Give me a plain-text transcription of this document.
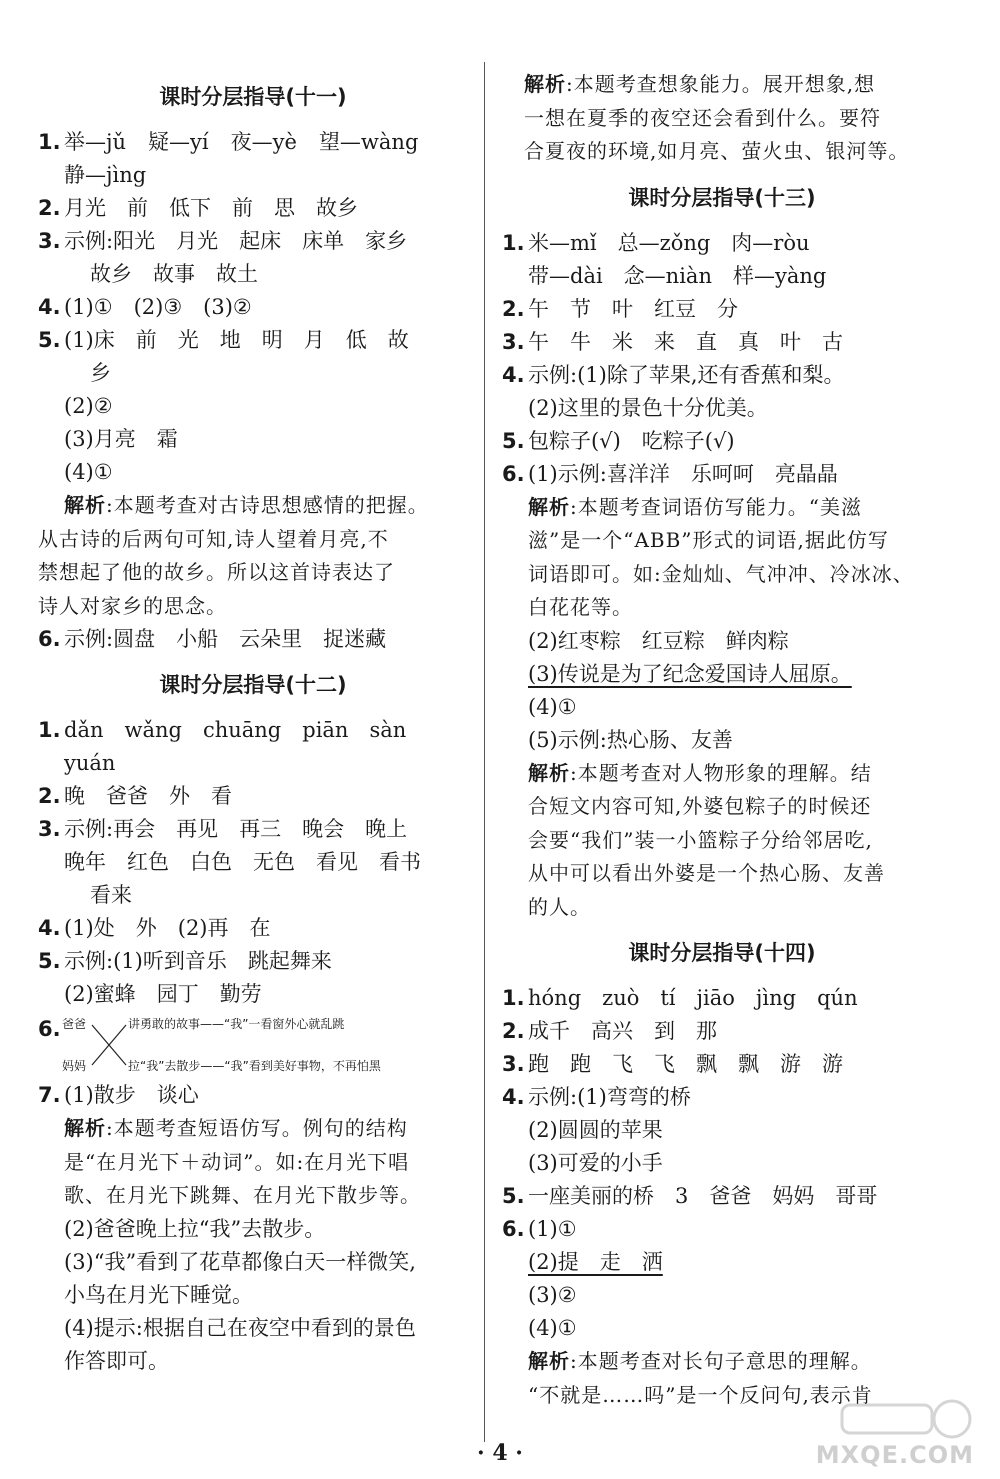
课时分层指导(十一)
1. 举—jǔ 疑—yí 夜—yè 望—wàng
静—jìng
2. 月光　前　低下　前　思　故乡
3. 示例:阳光　月光　起床　床单　家乡
故乡　故事　故土
4. (1)①　(2)③　(3)②
5. (1)床　前　光　地　明　月　低　故
乡
(2)②
(3)月亮　霜
(4)①
解析:本题考查对古诗思想感情的把握。
从古诗的后两句可知,诗人望着月亮,不
禁想起了他的故乡。所以这首诗表达了
诗人对家乡的思念。
6. 示例:圆盘　小船　云朵里　捉迷藏
课时分层指导(十二)
1. dǎn　wǎng　chuāng　piān　sàn
yuán
2. 晚　爸爸　外　看
3. 示例:再会　再见　再三　晚会　晚上
晚年　红色　白色　无色　看见　看书
看来
4. (1)处　外　(2)再　在
5. 示例:(1)听到音乐　跳起舞来
(2)蜜蜂　园丁　勤劳
6. 爸爸	讲勇敢的故事——“我”一看窗外心就乱跳
妈妈	拉“我”去散步——“我”看到美好事物，不再怕黑
7. (1)散步　谈心
解析:本题考查短语仿写。例句的结构
是“在月光下＋动词”。如:在月光下唱
歌、在月光下跳舞、在月光下散步等。
(2)爸爸晚上拉“我”去散步。
(3)“我”看到了花草都像白天一样微笑,
小鸟在月光下睡觉。
(4)提示:根据自己在夜空中看到的景色
作答即可。
解析:本题考查想象能力。展开想象,想
一想在夏季的夜空还会看到什么。要符
合夏夜的环境,如月亮、萤火虫、银河等。
课时分层指导(十三)
1. 米—mǐ　总—zǒng　肉—ròu
带—dài　念—niàn　样—yàng
2. 午　节　叶　红豆　分
3. 午　牛　米　来　直　真　叶　古
4. 示例:(1)除了苹果,还有香蕉和梨。
(2)这里的景色十分优美。
5. 包粽子(√)　吃粽子(√)
6. (1)示例:喜洋洋　乐呵呵　亮晶晶
解析:本题考查词语仿写能力。“美滋
滋”是一个“ABB”形式的词语,据此仿写
词语即可。如:金灿灿、气冲冲、冷冰冰、
白花花等。
(2)红枣粽　红豆粽　鲜肉粽
(3)传说是为了纪念爱国诗人屈原。
(4)①
(5)示例:热心肠、友善
解析:本题考查对人物形象的理解。结
合短文内容可知,外婆包粽子的时候还
会要“我们”装一小篮粽子分给邻居吃,
从中可以看出外婆是一个热心肠、友善
的人。
课时分层指导(十四)
1. hóng　zuò　tí　jiāo　jìng　qún
2. 成千　高兴　到　那
3. 跑　跑　飞　飞　飘　飘　游　游
4. 示例:(1)弯弯的桥
(2)圆圆的苹果
(3)可爱的小手
5. 一座美丽的桥　3　爸爸　妈妈　哥哥
6. (1)①
(2)提　走　洒
(3)②
(4)①
解析:本题考查对长句子意思的理解。
“不就是……吗”是一个反问句,表示肯
· 4 ·	MXQE.COM
